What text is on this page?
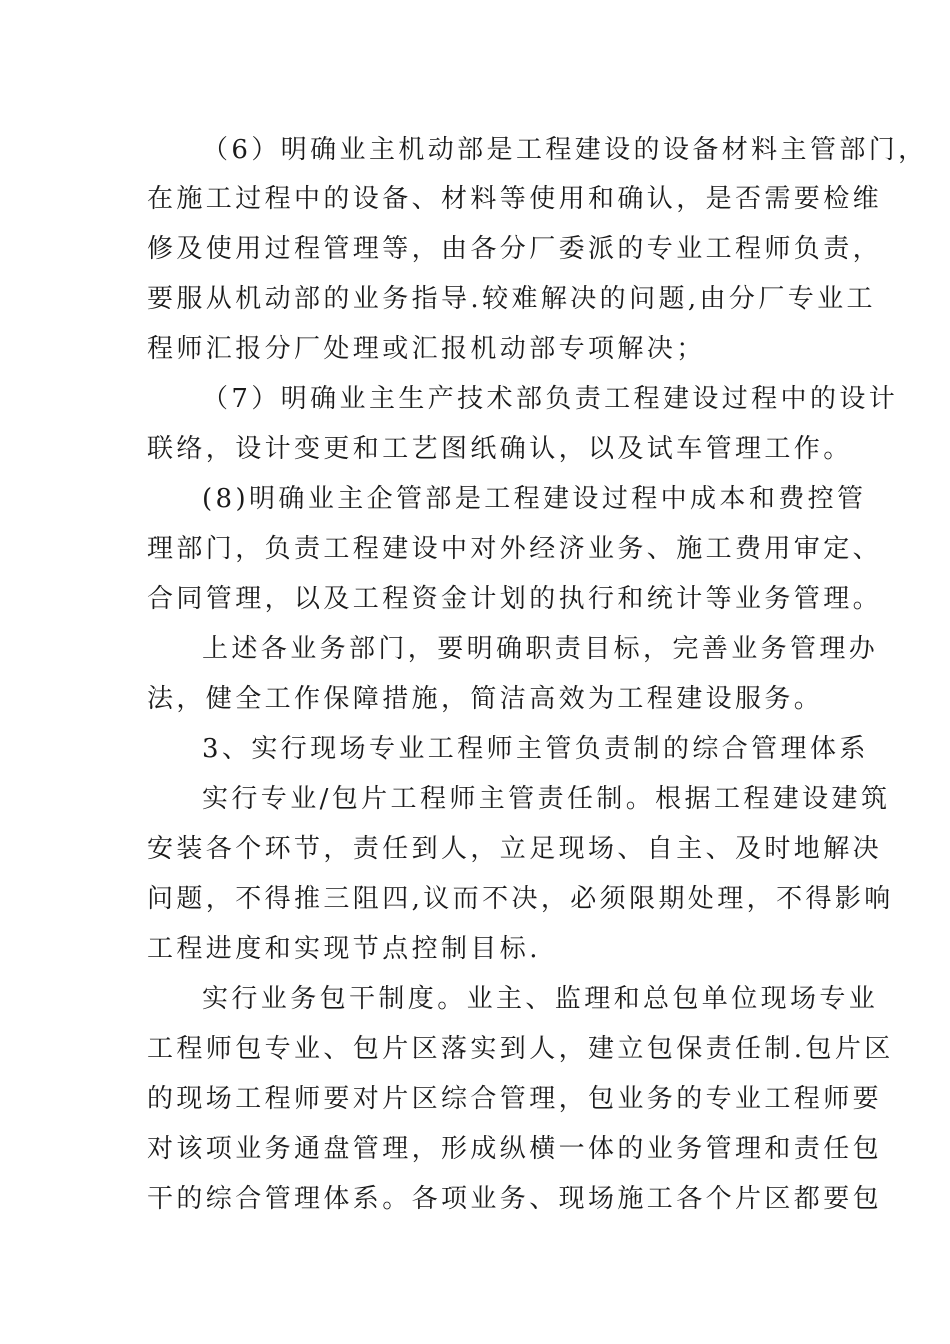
（6）明确业主机动部是工程建设的设备材料主管部门，
在施工过程中的设备、材料等使用和确认，是否需要检维
修及使用过程管理等，由各分厂委派的专业工程师负责，
要服从机动部的业务指导.较难解决的问题,由分厂专业工
程师汇报分厂处理或汇报机动部专项解决；
（7）明确业主生产技术部负责工程建设过程中的设计
联络，设计变更和工艺图纸确认，以及试车管理工作。
(8)明确业主企管部是工程建设过程中成本和费控管
理部门，负责工程建设中对外经济业务、施工费用审定、
合同管理，以及工程资金计划的执行和统计等业务管理。
上述各业务部门，要明确职责目标，完善业务管理办
法，健全工作保障措施，简洁高效为工程建设服务。
3、实行现场专业工程师主管负责制的综合管理体系
实行专业/包片工程师主管责任制。根据工程建设建筑
安装各个环节，责任到人，立足现场、自主、及时地解决
问题，不得推三阻四,议而不决，必须限期处理，不得影响
工程进度和实现节点控制目标.
实行业务包干制度。业主、监理和总包单位现场专业
工程师包专业、包片区落实到人，建立包保责任制.包片区
的现场工程师要对片区综合管理，包业务的专业工程师要
对该项业务通盘管理，形成纵横一体的业务管理和责任包
干的综合管理体系。各项业务、现场施工各个片区都要包
